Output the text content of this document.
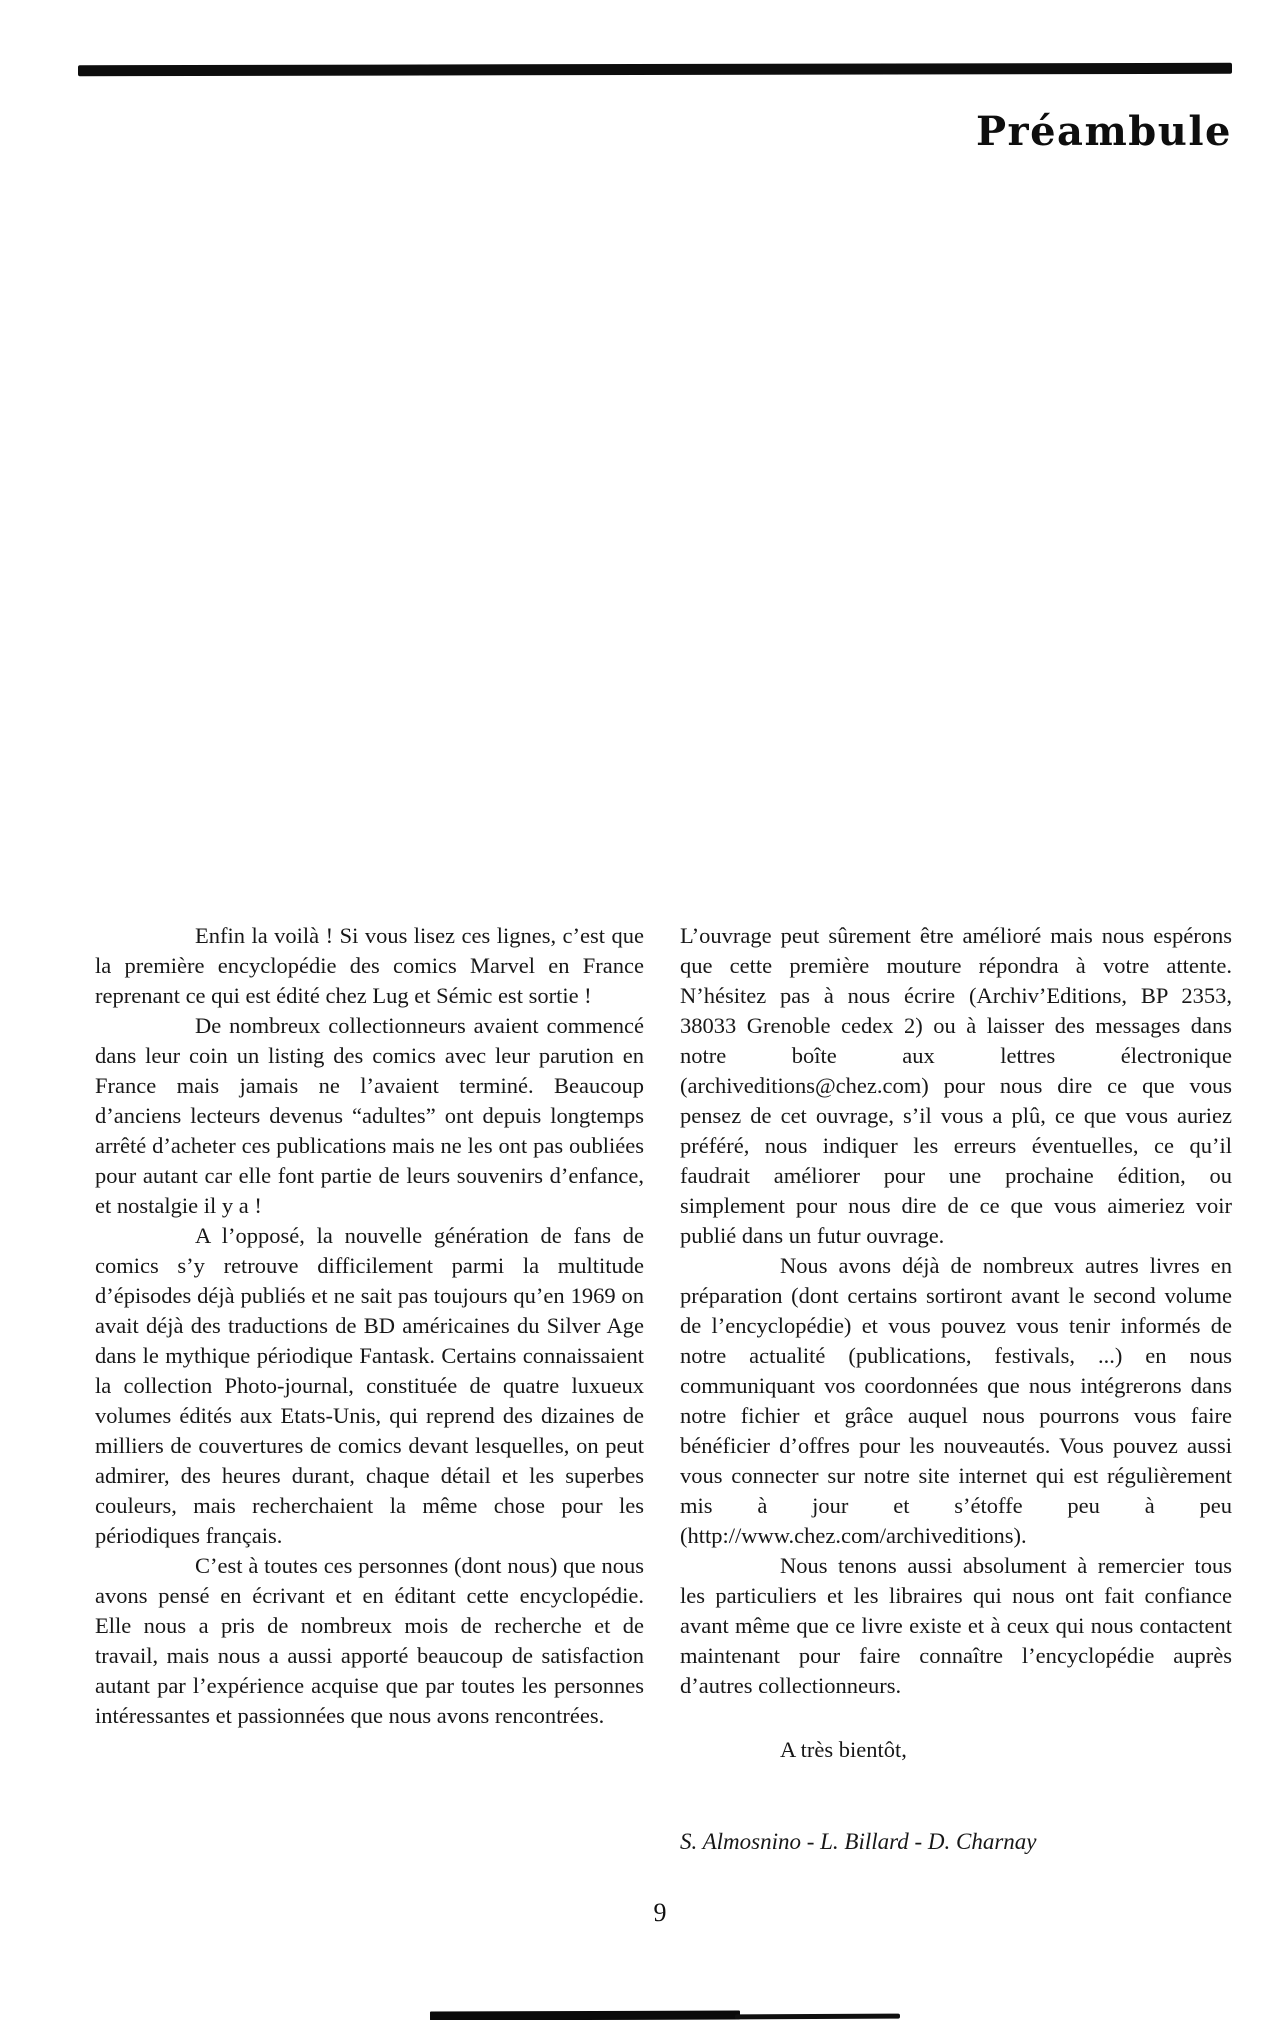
Préambule

Enfin la voilà ! Si vous lisez ces lignes, c’est que la première encyclopédie des comics Marvel en France reprenant ce qui est édité chez Lug et Sémic est sortie !

De nombreux collectionneurs avaient commencé dans leur coin un listing des comics avec leur parution en France mais jamais ne l’avaient terminé. Beaucoup d’anciens lecteurs devenus “adultes” ont depuis longtemps arrêté d’acheter ces publications mais ne les ont pas oubliées pour autant car elle font partie de leurs souvenirs d’enfance, et nostalgie il y a !

A l’opposé, la nouvelle génération de fans de comics s’y retrouve difficilement parmi la multitude d’épisodes déjà publiés et ne sait pas toujours qu’en 1969 on avait déjà des traductions de BD américaines du Silver Age dans le mythique périodique Fantask. Certains connaissaient la collection Photo-journal, constituée de quatre luxueux volumes édités aux Etats-Unis, qui reprend des dizaines de milliers de couvertures de comics devant lesquelles, on peut admirer, des heures durant, chaque détail et les superbes couleurs, mais recherchaient la même chose pour les périodiques français.

C’est à toutes ces personnes (dont nous) que nous avons pensé en écrivant et en éditant cette encyclopédie. Elle nous a pris de nombreux mois de recherche et de travail, mais nous a aussi apporté beaucoup de satisfaction autant par l’expérience acquise que par toutes les personnes intéressantes et passionnées que nous avons rencontrées.

L’ouvrage peut sûrement être amélioré mais nous espérons que cette première mouture répondra à votre attente. N’hésitez pas à nous écrire (Archiv’Editions, BP 2353, 38033 Grenoble cedex 2) ou à laisser des messages dans notre boîte aux lettres électronique (archiveditions@chez.com) pour nous dire ce que vous pensez de cet ouvrage, s’il vous a plû, ce que vous auriez préféré, nous indiquer les erreurs éventuelles, ce qu’il faudrait améliorer pour une prochaine édition, ou simplement pour nous dire de ce que vous aimeriez voir publié dans un futur ouvrage.

Nous avons déjà de nombreux autres livres en préparation (dont certains sortiront avant le second volume de l’encyclopédie) et vous pouvez vous tenir informés de notre actualité (publications, festivals, ...) en nous communiquant vos coordonnées que nous intégrerons dans notre fichier et grâce auquel nous pourrons vous faire bénéficier d’offres pour les nouveautés. Vous pouvez aussi vous connecter sur notre site internet qui est régulièrement mis à jour et s’étoffe peu à peu (http://www.chez.com/archiveditions).

Nous tenons aussi absolument à remercier tous les particuliers et les libraires qui nous ont fait confiance avant même que ce livre existe et à ceux qui nous contactent maintenant pour faire connaître l’encyclopédie auprès d’autres collectionneurs.

A très bientôt,

S. Almosnino - L. Billard - D. Charnay

9
